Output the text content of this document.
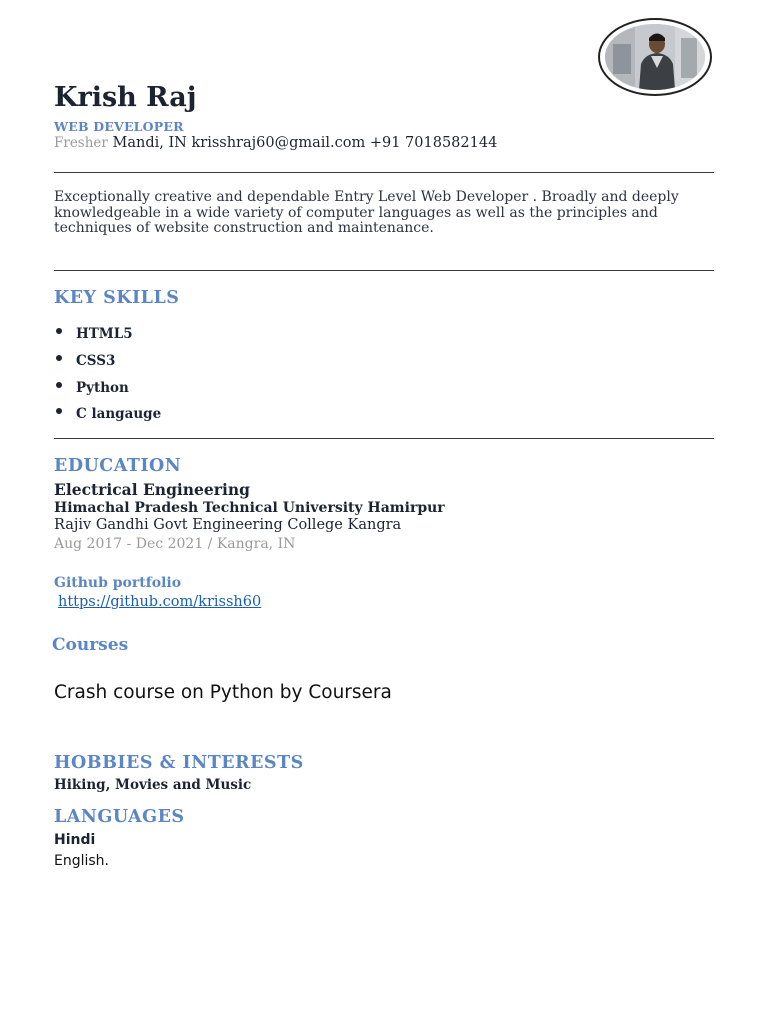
Krish Raj
WEB DEVELOPER
Fresher Mandi, IN krisshraj60@gmail.com +91 7018582144
Exceptionally creative and dependable Entry Level Web Developer . Broadly and deeply knowledgeable in a wide variety of computer languages as well as the principles and techniques of website construction and maintenance.
KEY SKILLS
HTML5
CSS3
Python
C langauge
EDUCATION
Electrical Engineering
Himachal Pradesh Technical University Hamirpur
Rajiv Gandhi Govt Engineering College Kangra
Aug 2017 - Dec 2021 / Kangra, IN
Github portfolio
https://github.com/krissh60
Courses
Crash course on Python by Coursera
HOBBIES & INTERESTS
Hiking, Movies and Music
LANGUAGES
Hindi
English.
